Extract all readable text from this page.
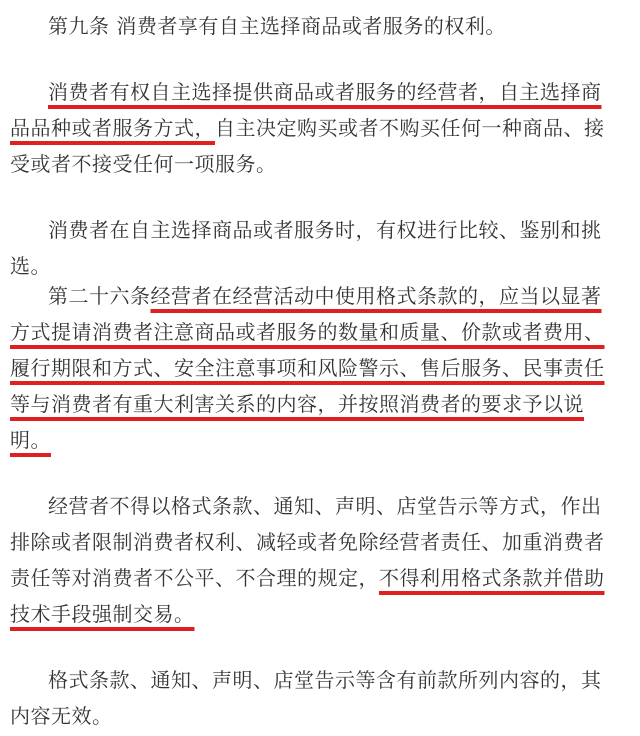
第九条 消费者享有自主选择商品或者服务的权利。
消费者有权自主选择提供商品或者服务的经营者，自主选择商
品品种或者服务方式，自主决定购买或者不购买任何一种商品、接
受或者不接受任何一项服务。
消费者在自主选择商品或者服务时，有权进行比较、鉴别和挑
选。
第二十六条经营者在经营活动中使用格式条款的，应当以显著
方式提请消费者注意商品或者服务的数量和质量、价款或者费用、
履行期限和方式、安全注意事项和风险警示、售后服务、民事责任
等与消费者有重大利害关系的内容，并按照消费者的要求予以说
明。
经营者不得以格式条款、通知、声明、店堂告示等方式，作出
排除或者限制消费者权利、减轻或者免除经营者责任、加重消费者
责任等对消费者不公平、不合理的规定，不得利用格式条款并借助
技术手段强制交易。
格式条款、通知、声明、店堂告示等含有前款所列内容的，其
内容无效。
